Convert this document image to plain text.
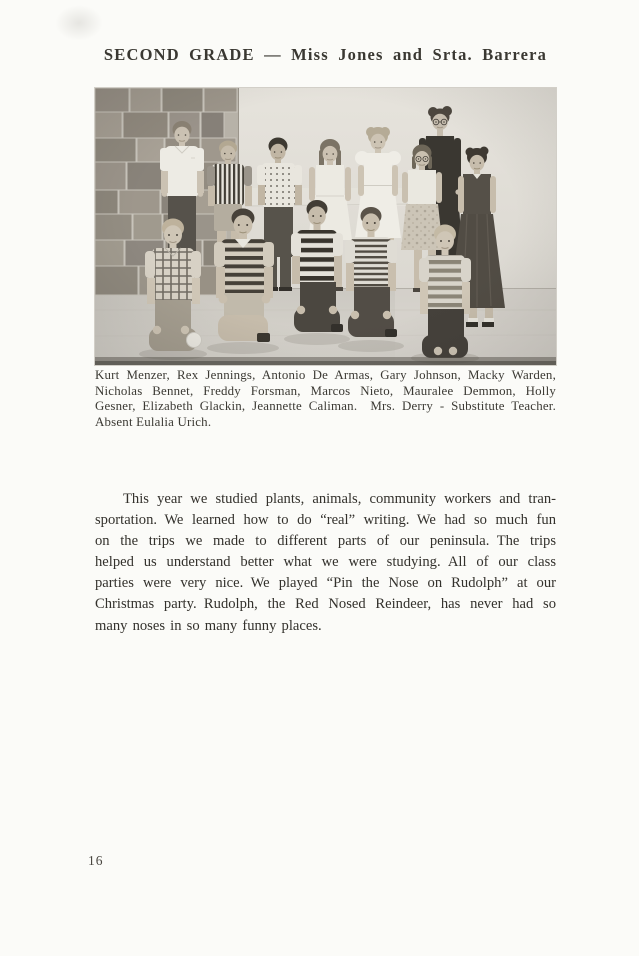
SECOND GRADE — Miss Jones and Srta. Barrera
Kurt Menzer, Rex Jennings, Antonio De Armas, Gary Johnson, Macky Warden,
Nicholas Bennet, Freddy Forsman, Marcos Nieto, Mauralee Demmon, Holly
Gesner, Elizabeth Glackin, Jeannette Caliman. Mrs. Derry - Substitute Teacher.
Absent Eulalia Urich.
This year we studied plants, animals, community workers and tran-
sportation. We learned how to do “real” writing. We had so much fun
on the trips we made to different parts of our peninsula. The trips
helped us understand better what we were studying. All of our class
parties were very nice. We played “Pin the Nose on Rudolph” at our
Christmas party. Rudolph, the Red Nosed Reindeer, has never had so
many noses in so many funny places.
16
